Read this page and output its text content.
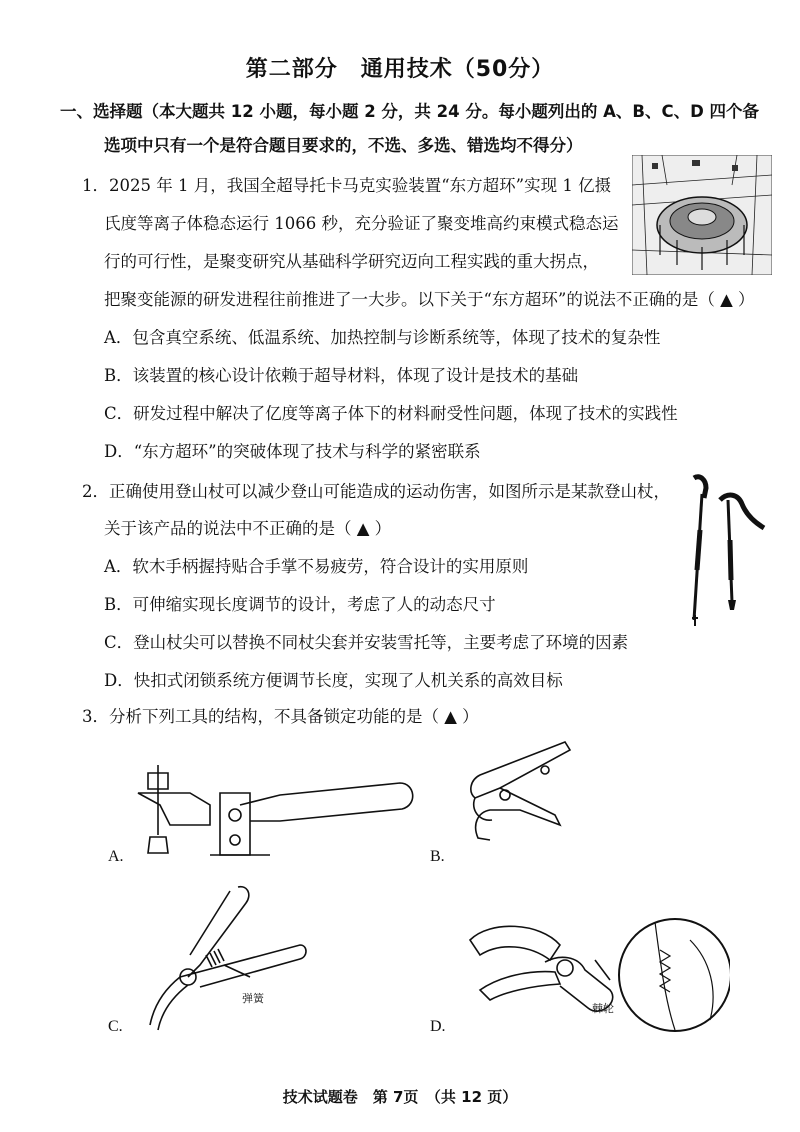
第二部分　通用技术（50分）
一、选择题（本大题共 12 小题，每小题 2 分，共 24 分。每小题列出的 A、B、C、D 四个备
选项中只有一个是符合题目要求的，不选、多选、错选均不得分）
1．2025 年 1 月，我国全超导托卡马克实验装置“东方超环”实现 1 亿摄
氏度等离子体稳态运行 1066 秒，充分验证了聚变堆高约束模式稳态运
行的可行性，是聚变研究从基础科学研究迈向工程实践的重大拐点，
把聚变能源的研发进程往前推进了一大步。以下关于“东方超环”的说法不正确的是（ ▲ ）
A．包含真空系统、低温系统、加热控制与诊断系统等，体现了技术的复杂性
B．该装置的核心设计依赖于超导材料，体现了设计是技术的基础
C．研发过程中解决了亿度等离子体下的材料耐受性问题，体现了技术的实践性
D．“东方超环”的突破体现了技术与科学的紧密联系
2．正确使用登山杖可以减少登山可能造成的运动伤害，如图所示是某款登山杖，
关于该产品的说法中不正确的是（ ▲ ）
A．软木手柄握持贴合手掌不易疲劳，符合设计的实用原则
B．可伸缩实现长度调节的设计，考虑了人的动态尺寸
C．登山杖尖可以替换不同杖尖套并安装雪托等，主要考虑了环境的因素
D．快扣式闭锁系统方便调节长度，实现了人机关系的高效目标
3．分析下列工具的结构，不具备锁定功能的是（ ▲ ）
A.	B.
弹簧
C.
棘轮
D.
技术试题卷　第 7页　（共 12 页）
